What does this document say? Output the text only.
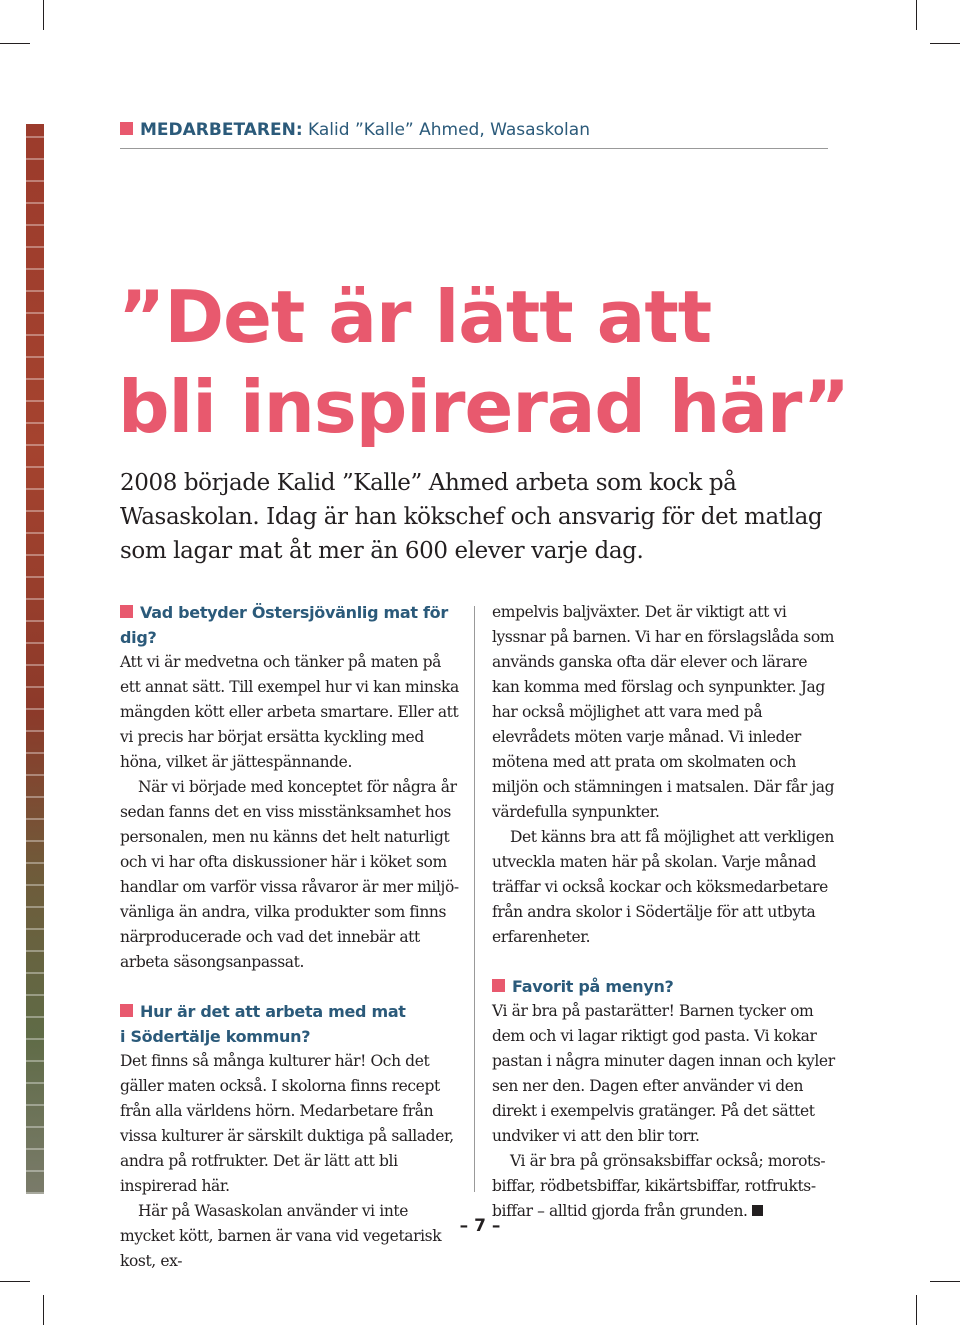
MEDARBETAREN: Kalid ”Kalle” Ahmed, Wasaskolan
”Det är lätt att
bli inspirerad här”

2008 började Kalid ”Kalle” Ahmed arbeta som kock på Wasaskolan. Idag är han kökschef och ansvarig för det matlag som lagar mat åt mer än 600 elever varje dag.

Vad betyder Östersjövänlig mat för dig?

Att vi är medvetna och tänker på maten på ett annat sätt. Till exempel hur vi kan minska mängden kött eller arbeta smartare. Eller att vi precis har börjat ersätta kyckling med höna, vilket är jättespännande.

När vi började med konceptet för några år sedan fanns det en viss misstänksamhet hos personalen, men nu känns det helt naturligt och vi har ofta diskussioner här i köket som handlar om varför vissa råvaror är mer miljö-vänliga än andra, vilka produkter som finns närproducerade och vad det innebär att arbeta säsongsanpassat.

Hur är det att arbeta med mat
i Södertälje kommun?

Det finns så många kulturer här! Och det gäller maten också. I skolorna finns recept från alla världens hörn. Medarbetare från vissa kulturer är särskilt duktiga på sallader, andra på rotfrukter. Det är lätt att bli inspirerad här.

Här på Wasaskolan använder vi inte mycket kött, barnen är vana vid vegetarisk kost, ex-

empelvis baljväxter. Det är viktigt att vi lyssnar på barnen. Vi har en förslagslåda som används ganska ofta där elever och lärare kan komma med förslag och synpunkter. Jag har också möjlighet att vara med på elevrådets möten varje månad. Vi inleder mötena med att prata om skolmaten och miljön och stämningen i matsalen. Där får jag värdefulla synpunkter.

Det känns bra att få möjlighet att verkligen utveckla maten här på skolan. Varje månad träffar vi också kockar och köksmedarbetare från andra skolor i Södertälje för att utbyta erfarenheter.

Favorit på menyn?

Vi är bra på pastarätter! Barnen tycker om dem och vi lagar riktigt god pasta. Vi kokar pastan i några minuter dagen innan och kyler sen ner den. Dagen efter använder vi den direkt i exempelvis gratänger. På det sättet undviker vi att den blir torr.

Vi är bra på grönsaksbiffar också; morots-biffar, rödbetsbiffar, kikärtsbiffar, rotfrukts-biffar – alltid gjorda från grunden.

– 7 –
